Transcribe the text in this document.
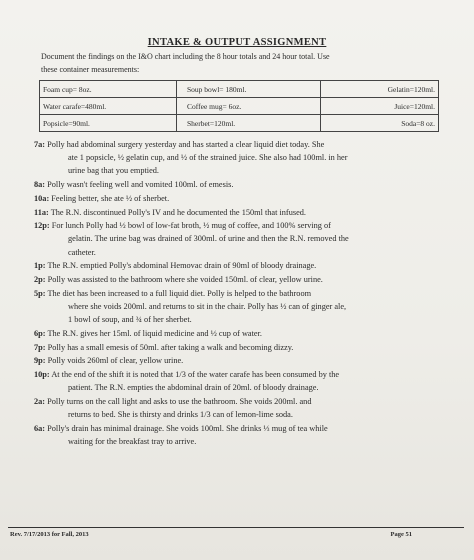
INTAKE & OUTPUT ASSIGNMENT
Document the findings on the I&O chart including the 8 hour totals and 24 hour total. Use
these container measurements:
Foam cup= 8oz.	Soup bowl= 180ml.	Gelatin=120ml.
Water carafe=480ml.	Coffee mug= 6oz.	Juice=120ml.
Popsicle=90ml.	Sherbet=120ml.	Soda=8 oz.
7a: Polly had abdominal surgery yesterday and has started a clear liquid diet today. She
ate 1 popsicle, ½ gelatin cup, and ½ of the strained juice. She also had 100ml. in her
urine bag that you emptied.
8a: Polly wasn't feeling well and vomited 100ml. of emesis.
10a: Feeling better, she ate ½ of sherbet.
11a: The R.N. discontinued Polly's IV and he documented the 150ml that infused.
12p: For lunch Polly had ½ bowl of low-fat broth, ½ mug of coffee, and 100% serving of
gelatin. The urine bag was drained of 300ml. of urine and then the R.N. removed the
catheter.
1p: The R.N. emptied Polly's abdominal Hemovac drain of 90ml of bloody drainage.
2p: Polly was assisted to the bathroom where she voided 150ml. of clear, yellow urine.
5p: The diet has been increased to a full liquid diet. Polly is helped to the bathroom
where she voids 200ml. and returns to sit in the chair. Polly has ½ can of ginger ale,
1 bowl of soup, and ¾ of her sherbet.
6p: The R.N. gives her 15ml. of liquid medicine and ½ cup of water.
7p: Polly has a small emesis of 50ml. after taking a walk and becoming dizzy.
9p: Polly voids 260ml of clear, yellow urine.
10p: At the end of the shift it is noted that 1/3 of the water carafe has been consumed by the
patient. The R.N. empties the abdominal drain of 20ml. of bloody drainage.
2a: Polly turns on the call light and asks to use the bathroom. She voids 200ml. and
returns to bed. She is thirsty and drinks 1/3 can of lemon-lime soda.
6a: Polly's drain has minimal drainage. She voids 100ml. She drinks ⅓ mug of tea while
waiting for the breakfast tray to arrive.
Rev. 7/17/2013 for Fall, 2013	Page 51
